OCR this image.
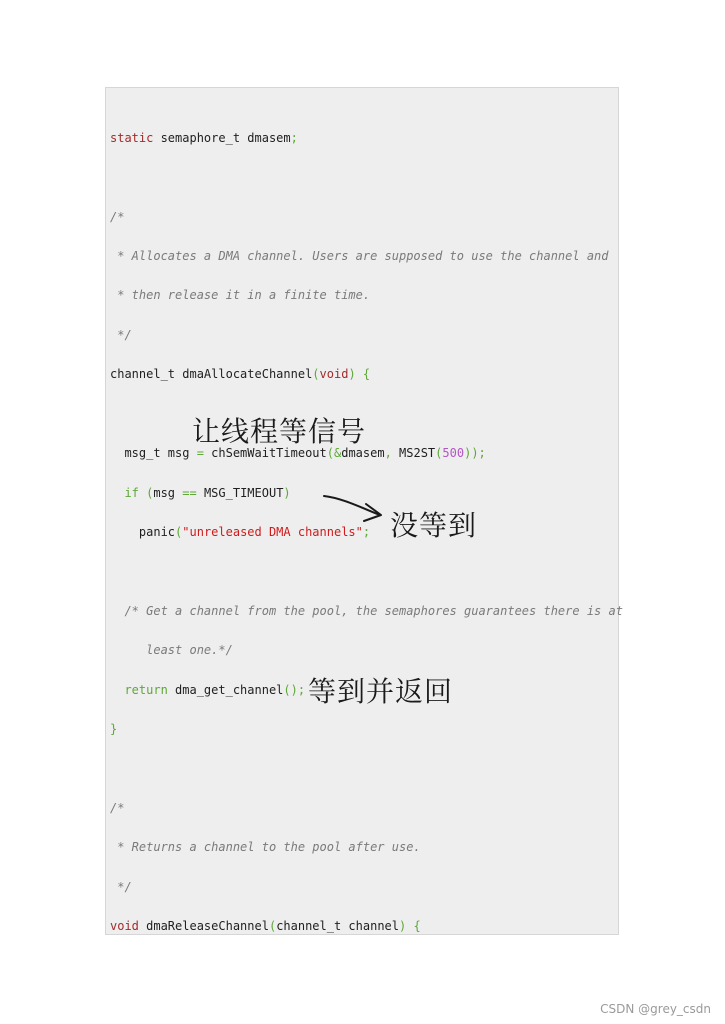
static semaphore_t dmasem;
/*
* Allocates a DMA channel. Users are supposed to use the channel and
* then release it in a finite time.
*/
channel_t dmaAllocateChannel(void) {
msg_t msg = chSemWaitTimeout(&dmasem, MS2ST(500));
if (msg == MSG_TIMEOUT)
panic("unreleased DMA channels";
/* Get a channel from the pool, the semaphores guarantees there is at
least one.*/
return dma_get_channel();
}
/*
* Returns a channel to the pool after use.
*/
void dmaReleaseChannel(channel_t channel) {
让线程等信号
没等到
等到并返回
CSDN @grey_csdn
